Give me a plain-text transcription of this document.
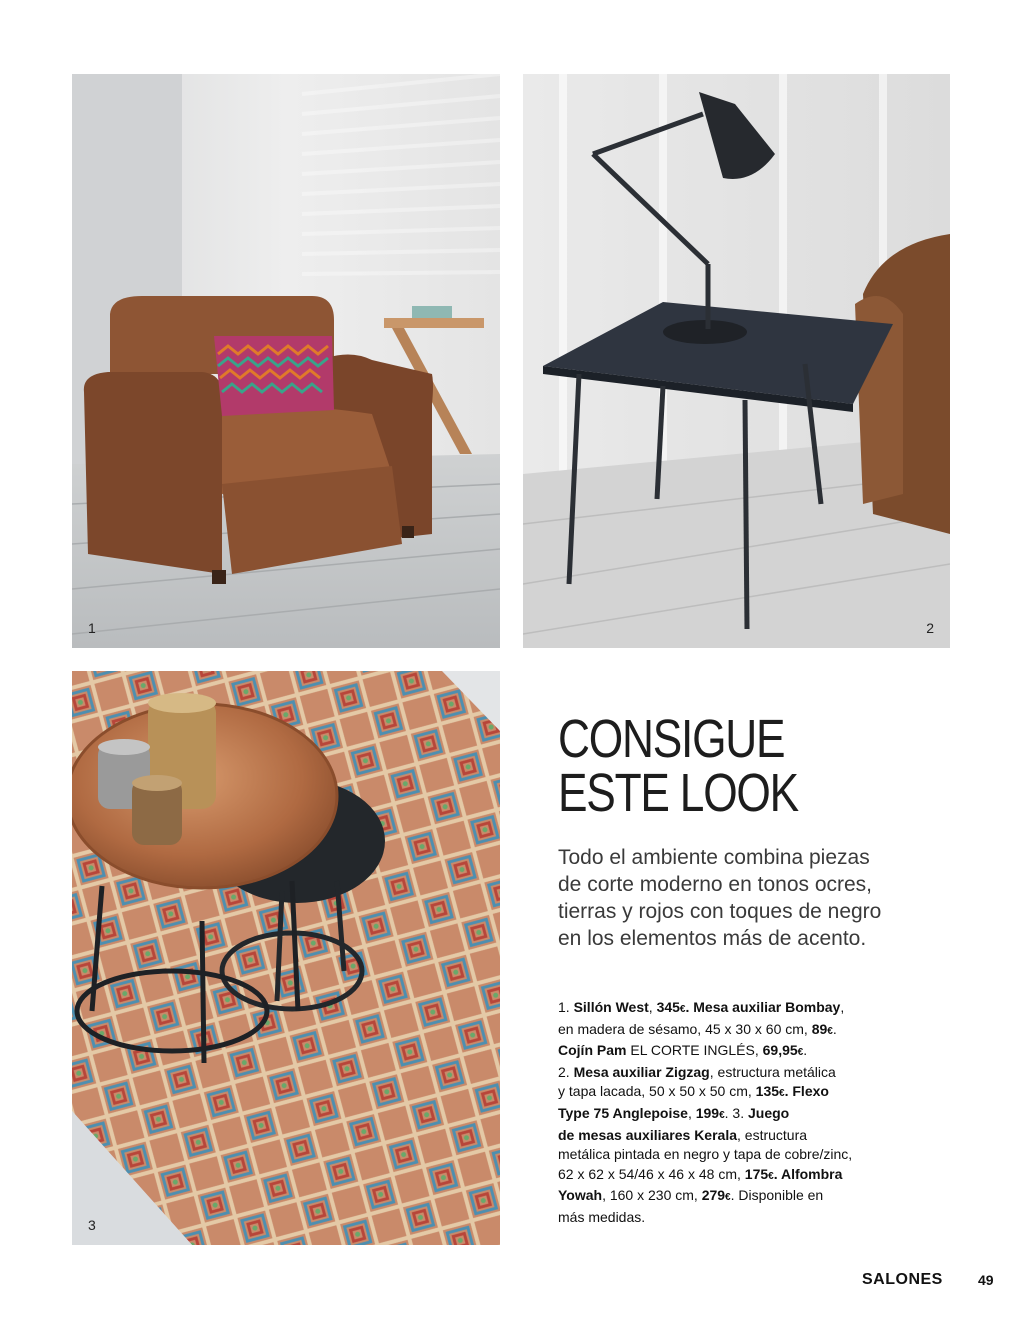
1	2
3
CONSIGUE
ESTE LOOK

Todo el ambiente combina piezas
de corte moderno en tonos ocres,
tierras y rojos con toques de negro
en los elementos más de acento.

1. Sillón West, 345€. Mesa auxiliar Bombay,
en madera de sésamo, 45 x 30 x 60 cm, 89€.
Cojín Pam EL CORTE INGLÉS, 69,95€.
2. Mesa auxiliar Zigzag, estructura metálica
y tapa lacada, 50 x 50 x 50 cm, 135€. Flexo
Type 75 Anglepoise, 199€. 3. Juego
de mesas auxiliares Kerala, estructura
metálica pintada en negro y tapa de cobre/zinc,
62 x 62 x 54/46 x 46 x 48 cm, 175€. Alfombra
Yowah, 160 x 230 cm, 279€. Disponible en
más medidas.

SALONES	49
